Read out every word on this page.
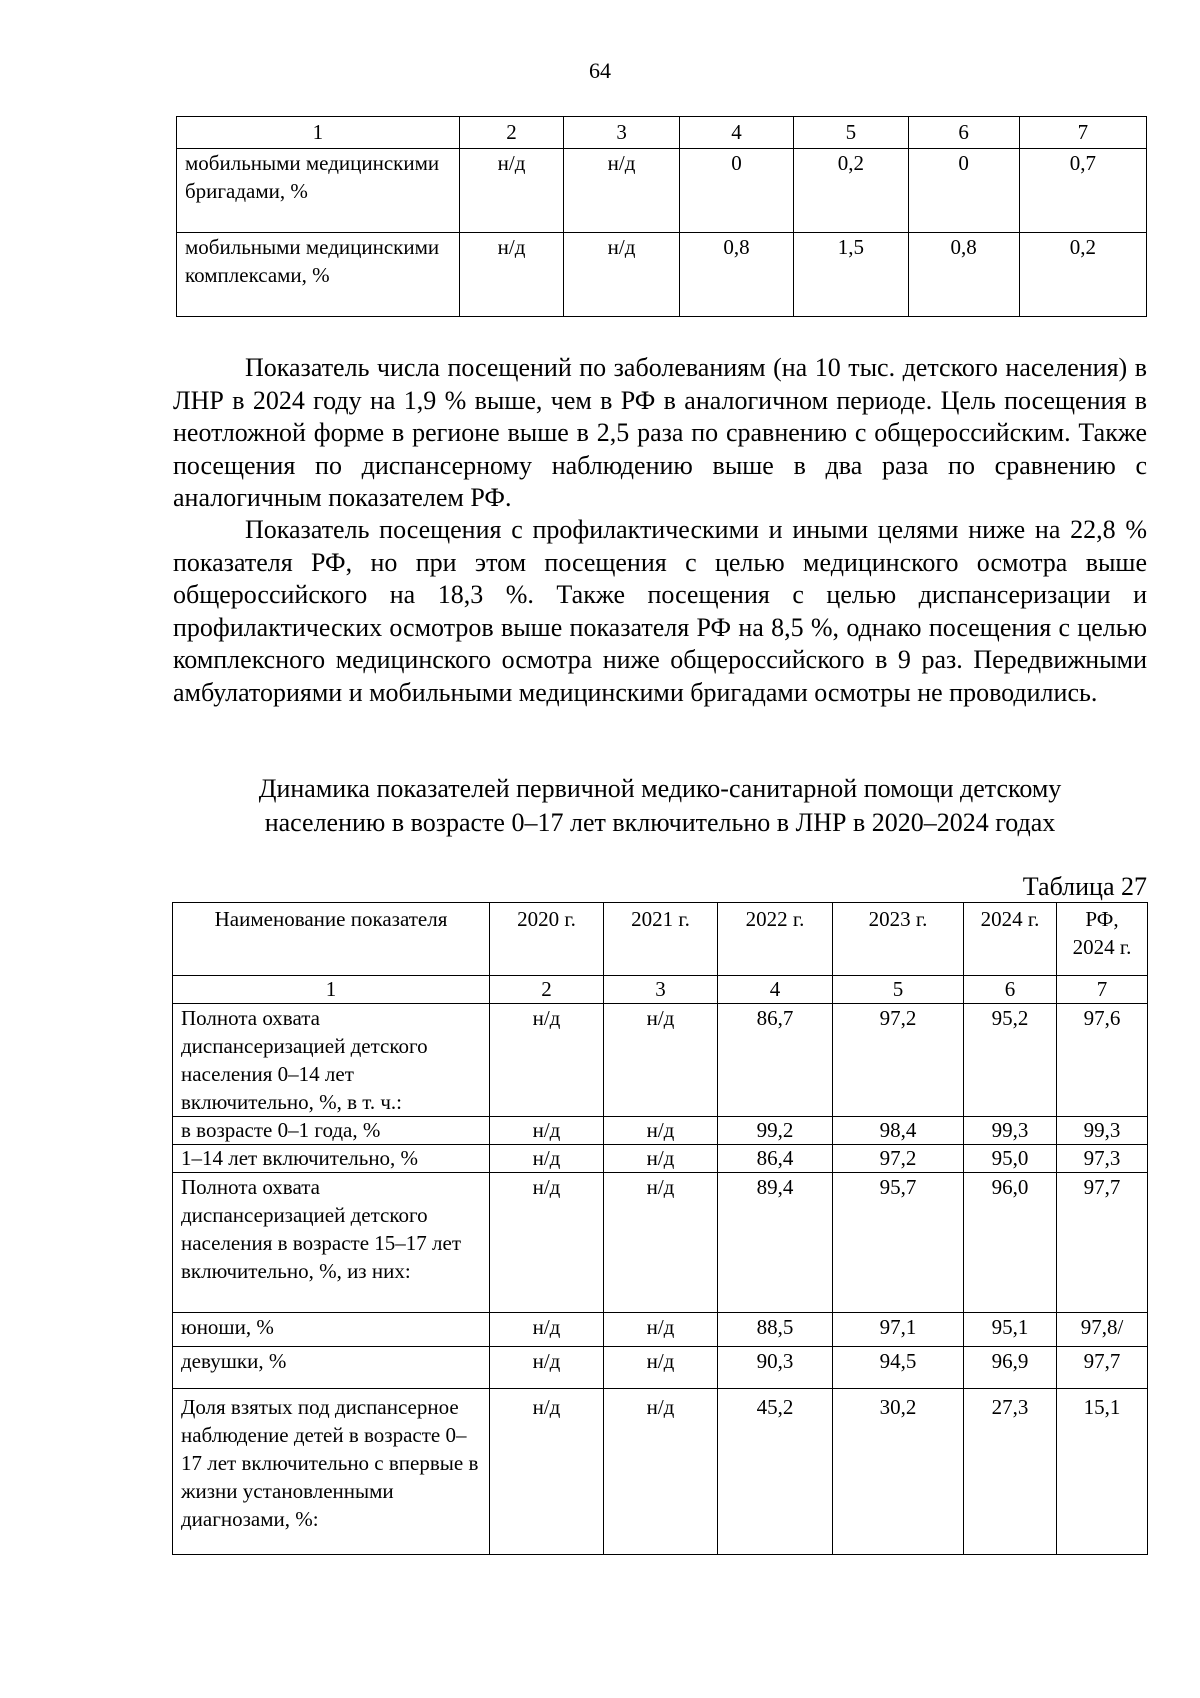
64
1	2	3	4	5	6	7
мобильными медицинскими бригадами, %	н/д	н/д	0	0,2	0	0,7
мобильными медицинскими комплексами, %	н/д	н/д	0,8	1,5	0,8	0,2

Показатель числа посещений по заболеваниям (на 10 тыс. детского населения) в ЛНР в 2024 году на 1,9 % выше, чем в РФ в аналогичном периоде. Цель посещения в неотложной форме в регионе выше в 2,5 раза по сравнению с общероссийским. Также посещения по диспансерному наблюдению выше в два раза по сравнению с аналогичным показателем РФ.

Показатель посещения с профилактическими и иными целями ниже на 22,8 % показателя РФ, но при этом посещения с целью медицинского осмотра выше общероссийского на 18,3 %. Также посещения с целью диспансеризации и профилактических осмотров выше показателя РФ на 8,5 %, однако посещения с целью комплексного медицинского осмотра ниже общероссийского в 9 раз. Передвижными амбулаториями и мобильными медицинскими бригадами осмотры не проводились.

Динамика показателей первичной медико-санитарной помощи детскому
населению в возрасте 0–17 лет включительно в ЛНР в 2020–2024 годах
Таблица 27
Наименование показателя	2020 г.	2021 г.	2022 г.	2023 г.	2024 г.	РФ, 2024 г.
1	2	3	4	5	6	7
Полнота охвата диспансеризацией детского населения 0–14 лет включительно, %, в т. ч.:	н/д	н/д	86,7	97,2	95,2	97,6
в возрасте 0–1 года, %	н/д	н/д	99,2	98,4	99,3	99,3
1–14 лет включительно, %	н/д	н/д	86,4	97,2	95,0	97,3
Полнота охвата диспансеризацией детского населения в возрасте 15–17 лет включительно, %, из них:	н/д	н/д	89,4	95,7	96,0	97,7
юноши, %	н/д	н/д	88,5	97,1	95,1	97,8/
девушки, %	н/д	н/д	90,3	94,5	96,9	97,7
Доля взятых под диспансерное наблюдение детей в возрасте 0–17 лет включительно с впервые в жизни установленными диагнозами, %:	н/д	н/д	45,2	30,2	27,3	15,1
